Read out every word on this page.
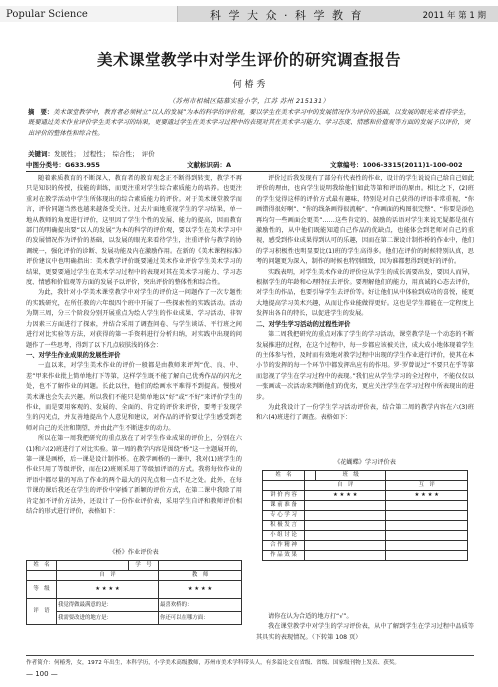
Popular Science	科 学 大 众 · 科 学 教 育	2011 年 第 1 期
美术课堂教学中对学生评价的研究调查报告
何 椿 秀
（苏州市相城区陆慕实验小学，江苏 苏州 215131）
摘　要：美术课堂教学中，教育者必须树立“以人的发展”为本的科学的评价观，要以学生在美术学习中的发展情况作为评价的基础，以发展的眼光来看待学生，既要通过美术作业评价学生美术学习的结果，更要通过学生在美术学习过程中的表现对其在美术学习能力、学习态度、情感和价值观等方面的发展予以评价，突出评价的整体性和综合性。
关键词：发展性；　过程性；　综合性；　评价
中图分类号：G633.955	文献标识码：A	文章编号：1006-3315(2011)1-100-002

随着素质教育的不断深入，教育者的教育观念正不断得到转变，教学不再只是知识的传授，技能的训练，而更注重对学生综合素质能力的培养。也更注重对在教学活动中学生所体现出的综合素质能力的评价。对于美术课堂教学而言，评价同题当然也越来越备受关注。过去片面地重视学生的学习结果，单一地从教师的角度进行评价，这里因了学生个性的发展、能力的提高，因而教育部门的明确提出要“以人的发展”为本的科学的评价观，要以学生在美术学习中的发展情况作为评价的基础，以发展的眼光来看待学生，注重评价与教学的协调统一，强化评价的诊断、发展功能及内在激励作用。在新的《美术课程标准》评价建议中也明确指出：美术教学评价既要通过美术作业评价学生美术学习的结果，更要要通过学生在美术学习过程中的表现对其在美术学习能力、学习态度、情感和价值观等方面的发展予以评价，突出评价的整体性和综合性。

为此，我针对小学美术课堂教学中对学生的评价这一问题作了一次专题性的实践研究，在所任教的六年级四个班中开展了一些探索性的实践活动。活动为期三周，分三个阶段分别开展重点为绘人学生的作业成果、学习活动、非智力因素三方面进行了探索，并结合采用了调查问卷、与学生谈话、平行班之间进行对比实验等方法，对获得的第一手资料进行分析归纳，对实践中出现的问题作了一些思考，得到了以下几点较肤浅的体会：

一、对学生作业成果的发展性评价

一直以来，对学生美术作业的评价一般都是由教师来评判“优、良、中、差”甲来作业批上简单地打下等第，这样学生既不能了解自己优秀作品的闪光之处，也不了解作业的问题。长此以往，他们的绘画水平难得不到提高。慢慢对美术课也会失去兴趣。所以我们不能只是简单地以“好”或“不好”来评价学生的作业，而是要用客观的、发展的、全面的、肯定的评价来评价，要考于发现学生的闪光点，并友善地提出个人意见和建议，对作品的评价要让学生感受到老师对自己的关注和期望，并由此产生不断进步的动力。

所以在第一周我把研究的重点放在了对学生作业成果的评价上，分别在六(1)和六(2)班进行了对比实验。第一周的教学内容是围绕“桥”这一主题展开的，第一课是画桥，后一课是设计制作桥。在教学画桥的一课中，我对(1)班学生的作业只用了等级评价，而在(2)班则采用了等级加评语的方式。我将每位作业的评语中都尽量的写出了作业的两个最大的闪光点和一点不足之处。此外，在每节课的课后我还在学生的评价中穿插了新颖的评价方式，在第二课中我除了用肯定加不评价方法外，还设计了一份作业评价表，采用学生自评和教师评价相结合的形式进行评价，表格如下：

《桥》作业评价表
姓　名		学　号	
	自　评		教　师
等　级	★ ★ ★ ★		★ ★ ★ ★
评　语	我觉得做最满意的是：		最喜欢桥的：
	我需要改进的地方是：		你还可以在哪方面：

评价过后我发现有了部分有代表性的作业，设计的学生说说自己给自己如此评价的理由，也向学生说明我给他们如此等第和评语的原由。相比之下，(2)班的学生觉得这样的评价方式最有趣味，特别是对自己获得的评语非常重视，“你画错得很好啊”、“你的线条画得很流畅”、“你画面的构图很完整”、“你要是添色再均匀一些画面会更美”……这些肯定的、鼓励的话语对学生来说无疑都是很有激励性的，从中他们既能知道自己作品的优缺点，也能体会到老师对自己的重视，感受到作业成果得到认可的乐趣，因而在第二课设计制作桥的作业中，他们的学习积极性也明显要比(1)班的学生高得多。他们在评价的时候特别认真，思考的问题更为深入，制作的时候也特别细致，因为谁都想得到更好的评价。

实践表明，对学生美术作业的评价应从学生的成长需要出发，要因人而异，根据学生的年龄和心理特征去评价。要理解他们的能力，用真诚的心态去评价，对学生的作品，也要引导学生去评价等。好让他们从中体验到成功的喜悦，能更大地提高学习美术兴趣，从而让作业能做得更好。这也是学生都能在一定程度上发挥出各自的特长，以促进学生的发展。

二、对学生学习活动的过程性评价

第二周我把研究的重点对准了学生的学习活动，课堂教学是一个动态的不断发展推进的过程，在这个过程中，每一步都应该被关注，成大成小地体现着学生的主体参与性，及时而有效地对教学过程中出现的学生作业进行评价，使其在本小节的发挥的每一个环节中都发挥出应有的作用。罗·罗曾说过“不要只在乎等第而忽视了学生在学习过程中的表现。”我们应从学生学习的全过程中，不能仅仅以一张画或一次活动来判断他们的优劣，更应关注学生在学习过程中所表现出的进步。

为此我设计了一份学生学习活动评价表，结合第二周的教学内容在六(3)班和六(4)班进行了调查。表格如下：

《花蝴蝶》学习评价表
姓　名		班　级	
	自　评		互　评
讲 价 内 容	★ ★ ★ ★		★ ★ ★ ★
课 前 准 备			
专 心 学 习			
积 极 发 言			
小 组 讨 论			
合 作 精 神			
作 品 效 果			

请你在认为合适的地方打“√”。

我在课堂教学中对学生的学习评价表，从中了解到学生在学习过程中品质等其具实的表现情况。（下转第 108 页）

作者简介：何椿秀，女，1972 年出生，本科学历，小学美术高级教师，苏州市美术学科带头人，有多篇论文在省级、省级、国家级刊物上发表、获奖。
— 100 —
